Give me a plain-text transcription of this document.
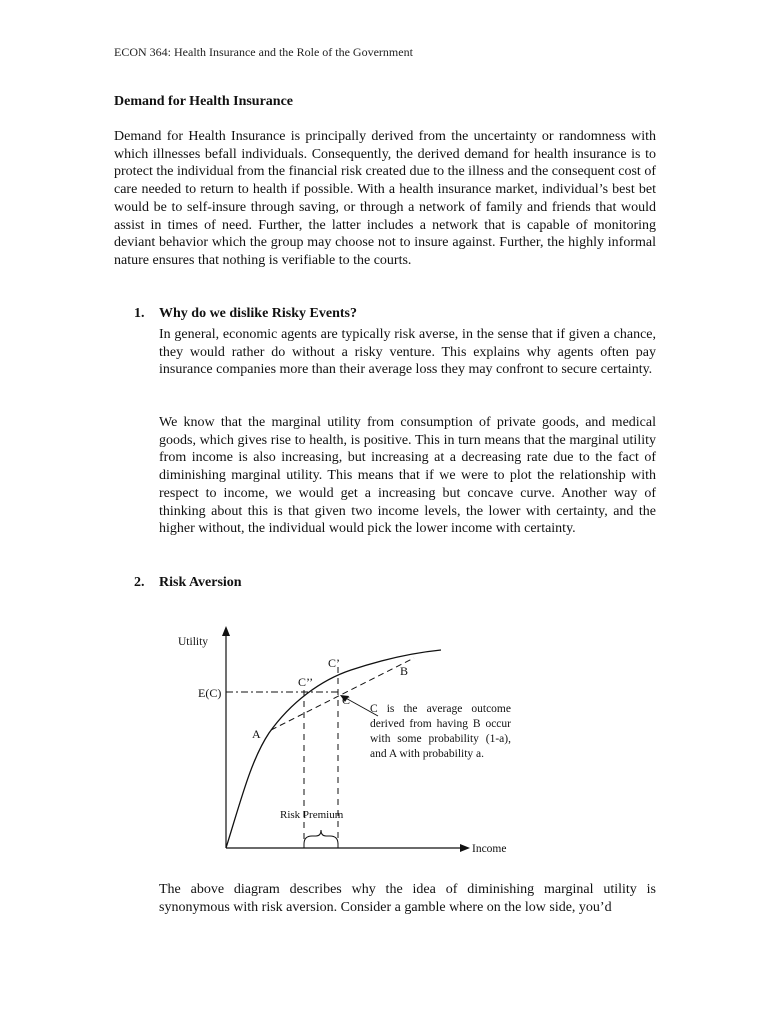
ECON 364: Health Insurance and the Role of the Government
Demand for Health Insurance

Demand for Health Insurance is principally derived from the uncertainty or randomness with which illnesses befall individuals. Consequently, the derived demand for health insurance is to protect the individual from the financial risk created due to the illness and the consequent cost of care needed to return to health if possible. With a health insurance market, individual’s best bet would be to self-insure through saving, or through a network of family and friends that would assist in times of need. Further, the latter includes a network that is capable of monitoring deviant behavior which the group may choose not to insure against. Further, the highly informal nature ensures that nothing is verifiable to the courts.

1. Why do we dislike Risky Events?

In general, economic agents are typically risk averse, in the sense that if given a chance, they would rather do without a risky venture. This explains why agents often pay insurance companies more than their average loss they may confront to secure certainty.

We know that the marginal utility from consumption of private goods, and medical goods, which gives rise to health, is positive. This in turn means that the marginal utility from income is also increasing, but increasing at a decreasing rate due to the fact of diminishing marginal utility. This means that if we were to plot the relationship with respect to income, we would get a increasing but concave curve. Another way of thinking about this is that given two income levels, the lower with certainty, and the higher without, the individual would pick the lower income with certainty.

2. Risk Aversion
Utility
Income
E(C)
A
B
C
C’
C’’
Risk Premium

C is the average outcome derived from having B occur with some probability (1-a), and A with probability a.

The above diagram describes why the idea of diminishing marginal utility is synonymous with risk aversion. Consider a gamble where on the low side, you’d
